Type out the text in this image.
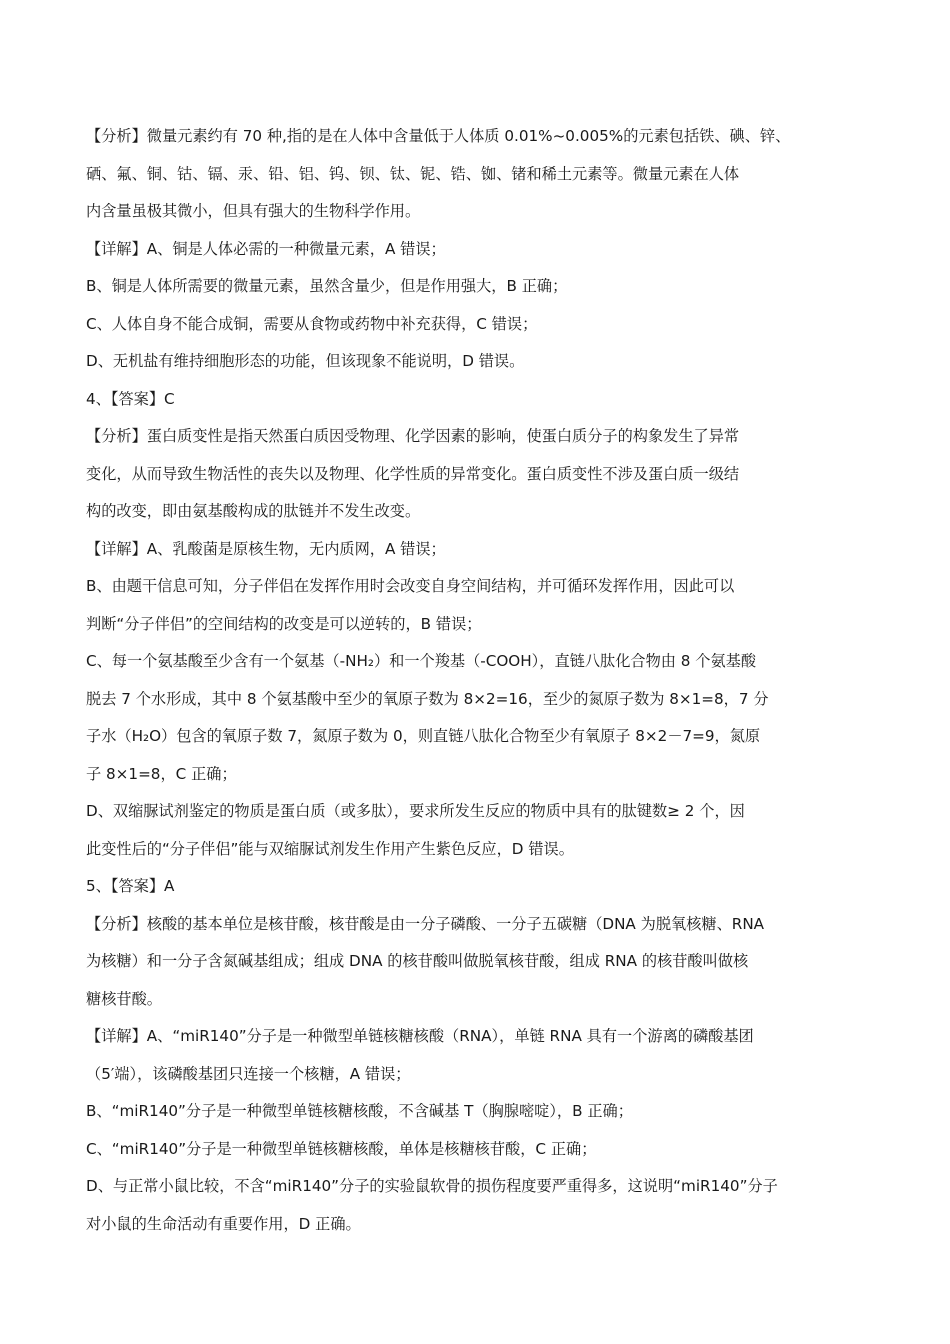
【分析】微量元素约有 70 种,指的是在人体中含量低于人体质 0.01%~0.005%的元素包括铁、碘、锌、
硒、氟、铜、钴、镉、汞、铅、铝、钨、钡、钛、铌、锆、铷、锗和稀土元素等。微量元素在人体
内含量虽极其微小，但具有强大的生物科学作用。
【详解】A、铜是人体必需的一种微量元素，A 错误；
B、铜是人体所需要的微量元素，虽然含量少，但是作用强大，B 正确；
C、人体自身不能合成铜，需要从食物或药物中补充获得，C 错误；
D、无机盐有维持细胞形态的功能，但该现象不能说明，D 错误。
4、【答案】C
【分析】蛋白质变性是指天然蛋白质因受物理、化学因素的影响，使蛋白质分子的构象发生了异常
变化，从而导致生物活性的丧失以及物理、化学性质的异常变化。蛋白质变性不涉及蛋白质一级结
构的改变，即由氨基酸构成的肽链并不发生改变。
【详解】A、乳酸菌是原核生物，无内质网，A 错误；
B、由题干信息可知，分子伴侣在发挥作用时会改变自身空间结构，并可循环发挥作用，因此可以
判断“分子伴侣”的空间结构的改变是可以逆转的，B 错误；
C、每一个氨基酸至少含有一个氨基（-NH₂）和一个羧基（-COOH），直链八肽化合物由 8 个氨基酸
脱去 7 个水形成，其中 8 个氨基酸中至少的氧原子数为 8×2=16，至少的氮原子数为 8×1=8，7 分
子水（H₂O）包含的氧原子数 7，氮原子数为 0，则直链八肽化合物至少有氧原子 8×2－7=9，氮原
子 8×1=8，C 正确；
D、双缩脲试剂鉴定的物质是蛋白质（或多肽），要求所发生反应的物质中具有的肽键数≥ 2 个，因
此变性后的“分子伴侣”能与双缩脲试剂发生作用产生紫色反应，D 错误。
5、【答案】A
【分析】核酸的基本单位是核苷酸，核苷酸是由一分子磷酸、一分子五碳糖（DNA 为脱氧核糖、RNA
为核糖）和一分子含氮碱基组成；组成 DNA 的核苷酸叫做脱氧核苷酸，组成 RNA 的核苷酸叫做核
糖核苷酸。
【详解】A、“miR140”分子是一种微型单链核糖核酸（RNA），单链 RNA 具有一个游离的磷酸基团
（5′端），该磷酸基团只连接一个核糖，A 错误；
B、“miR140”分子是一种微型单链核糖核酸，不含碱基 T（胸腺嘧啶），B 正确；
C、“miR140”分子是一种微型单链核糖核酸，单体是核糖核苷酸，C 正确；
D、与正常小鼠比较，不含“miR140”分子的实验鼠软骨的损伤程度要严重得多，这说明“miR140”分子
对小鼠的生命活动有重要作用，D 正确。
